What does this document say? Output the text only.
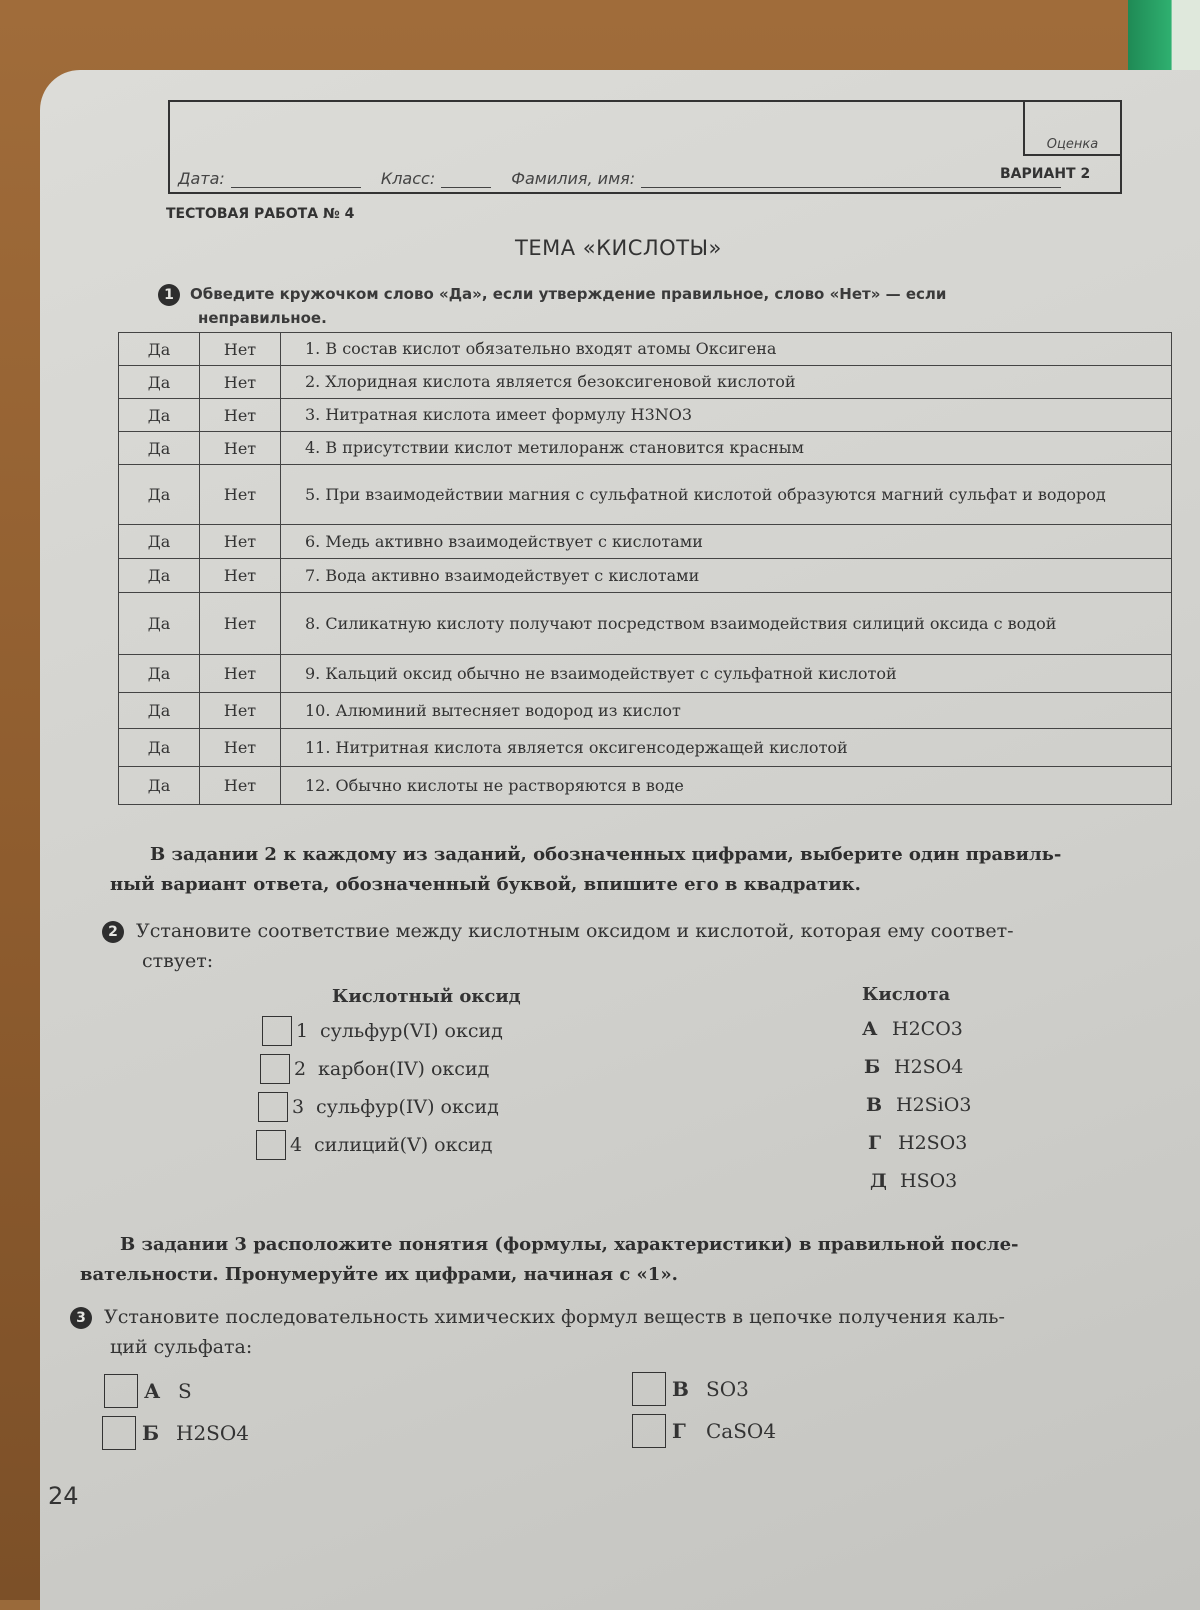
Оценка
Дата:	Класс:	Фамилия, имя:	ВАРИАНТ 2
ТЕСТОВАЯ РАБОТА № 4
ТЕМА «КИСЛОТЫ»
1 Обведите кружочком слово «Да», если утверждение правильное, слово «Нет» — если
неправильное.
Да	Нет	1. В состав кислот обязательно входят атомы Оксигена
Да	Нет	2. Хлоридная кислота является безоксигеновой кислотой
Да	Нет	3. Нитратная кислота имеет формулу H3NO3
Да	Нет	4. В присутствии кислот метилоранж становится красным
Да	Нет	5. При взаимодействии магния с сульфатной кислотой образуются магний сульфат и водород
Да	Нет	6. Медь активно взаимодействует с кислотами
Да	Нет	7. Вода активно взаимодействует с кислотами
Да	Нет	8. Силикатную кислоту получают посредством взаимодействия силиций оксида с водой
Да	Нет	9. Кальций оксид обычно не взаимодействует с сульфатной кислотой
Да	Нет	10. Алюминий вытесняет водород из кислот
Да	Нет	11. Нитритная кислота является оксигенсодержащей кислотой
Да	Нет	12. Обычно кислоты не растворяются в воде
В задании 2 к каждому из заданий, обозначенных цифрами, выберите один правиль-
ный вариант ответа, обозначенный буквой, впишите его в квадратик.
2 Установите соответствие между кислотным оксидом и кислотой, которая ему соответ-
ствует:
Кислотный оксид	Кислота
1 сульфур(VI) оксид
2 карбон(IV) оксид
3 сульфур(IV) оксид
4 силиций(V) оксид
А H2CO3
Б H2SO4
В H2SiO3
Г H2SO3
Д HSO3
В задании 3 расположите понятия (формулы, характеристики) в правильной после-
вательности. Пронумеруйте их цифрами, начиная с «1».
3 Установите последовательность химических формул веществ в цепочке получения каль-
ций сульфата:
А S
Б H2SO4
В SO3
Г	CaSO4
24
